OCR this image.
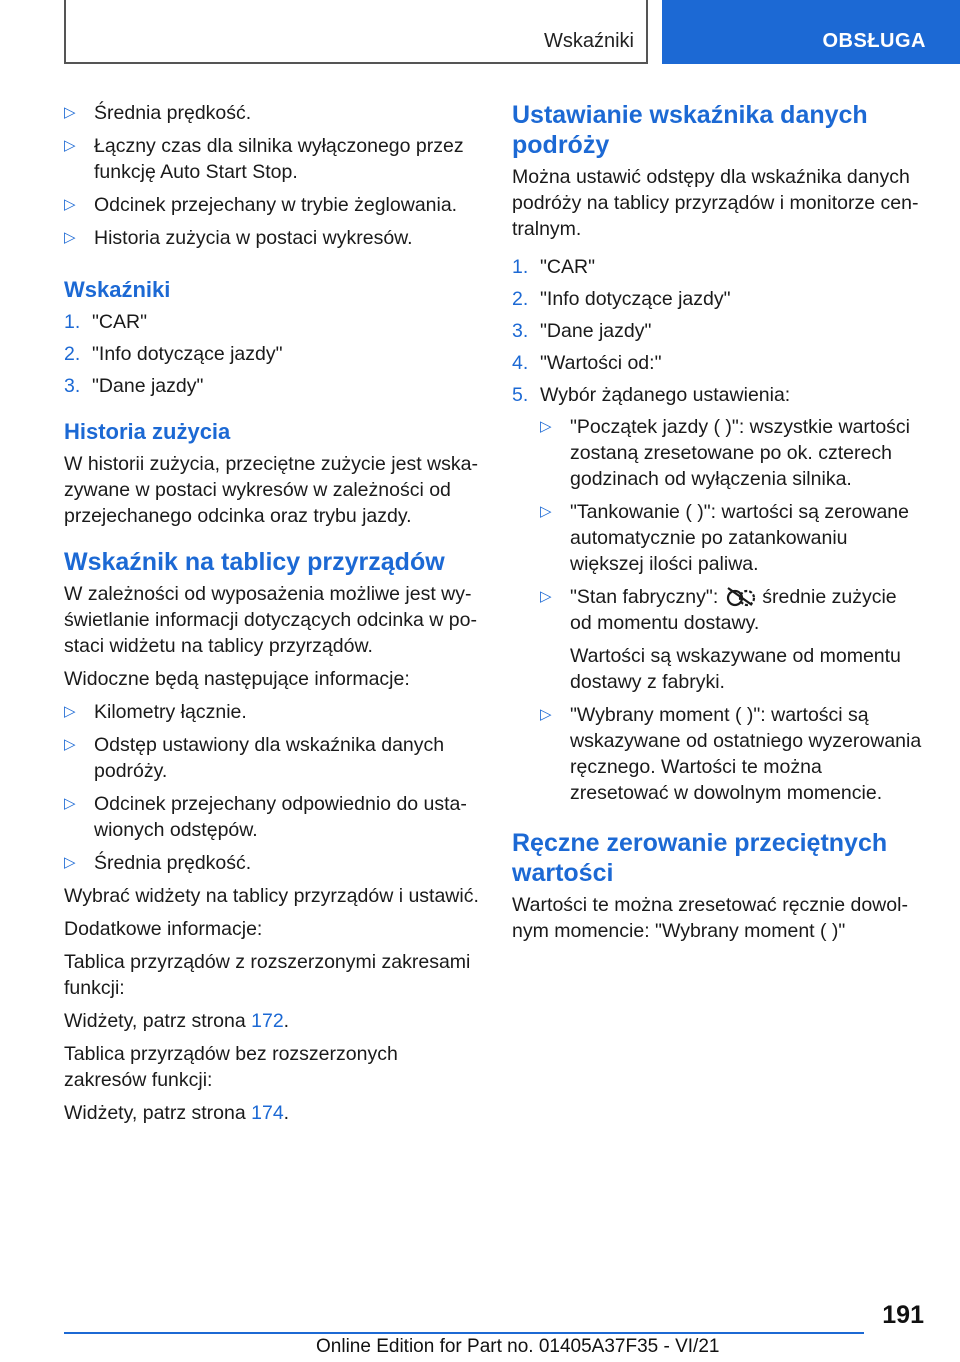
Wskaźniki	OBSŁUGA
▷ Średnia prędkość.
▷ Łączny czas dla silnika wyłączonego przez funkcję Auto Start Stop.
▷ Odcinek przejechany w trybie żeglowania.
▷ Historia zużycia w postaci wykresów.
Wskaźniki
1. "CAR"
2. "Info dotyczące jazdy"
3. "Dane jazdy"
Historia zużycia

W historii zużycia, przeciętne zużycie jest wskazywane w postaci wykresów w zależności od przejechanego odcinka oraz trybu jazdy.

Wskaźnik na tablicy przyrządów

W zależności od wyposażenia możliwe jest wyświetlanie informacji dotyczących odcinka w postaci widżetu na tablicy przyrządów.

Widoczne będą następujące informacje:

▷ Kilometry łącznie.
▷ Odstęp ustawiony dla wskaźnika danych podróży.
▷ Odcinek przejechany odpowiednio do ustawionych odstępów.
▷ Średnia prędkość.

Wybrać widżety na tablicy przyrządów i ustawić.

Dodatkowe informacje:

Tablica przyrządów z rozszerzonymi zakresami funkcji:

Widżety, patrz strona 172.

Tablica przyrządów bez rozszerzonych zakresów funkcji:

Widżety, patrz strona 174.

Ustawianie wskaźnika danych podróży

Można ustawić odstępy dla wskaźnika danych podróży na tablicy przyrządów i monitorze centralnym.

1. "CAR"
2. "Info dotyczące jazdy"
3. "Dane jazdy"
4. "Wartości od:"
5. Wybór żądanego ustawienia:
▷ "Początek jazdy ( )": wszystkie wartości zostaną zresetowane po ok. czterech godzinach od wyłączenia silnika.
▷ "Tankowanie ( )": wartości są zerowane automatycznie po zatankowaniu większej ilości paliwa.
▷ "Stan fabryczny": średnie zużycie od momentu dostawy.

Wartości są wskazywane od momentu dostawy z fabryki.

▷ "Wybrany moment ( )": wartości są wskazywane od ostatniego wyzerowania ręcznego. Wartości te można zresetować w dowolnym momencie.
Ręczne zerowanie przeciętnych wartości

Wartości te można zresetować ręcznie dowolnym momencie: "Wybrany moment ( )"

191
Online Edition for Part no. 01405A37F35 - VI/21
